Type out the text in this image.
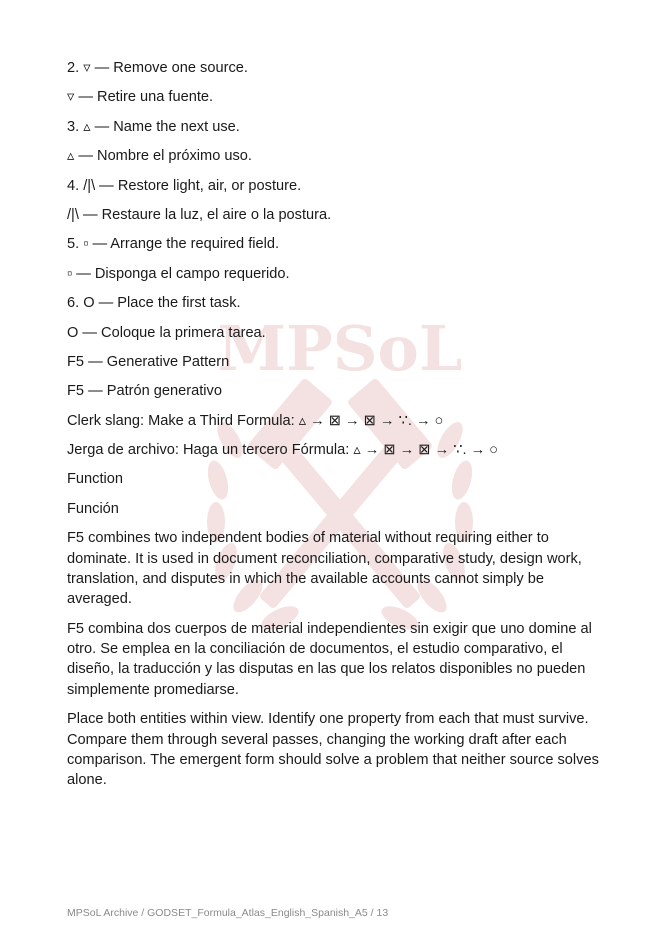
MPSoL
2. ▿ — Remove one source.
▿ — Retire una fuente.
3. ▵ — Name the next use.
▵ — Nombre el próximo uso.
4. /|\ — Restore light, air, or posture.
/|\ — Restaure la luz, el aire o la postura.
5. ▫ — Arrange the required field.
▫ — Disponga el campo requerido.
6. O — Place the first task.
O — Coloque la primera tarea.
F5 — Generative Pattern
F5 — Patrón generativo
Clerk slang: Make a Third Formula: ▵ → ⊠ → ⊠ → ∵. → ○
Jerga de archivo: Haga un tercero Fórmula: ▵ → ⊠ → ⊠ → ∵. → ○
Function
Función
F5 combines two independent bodies of material without requiring either to dominate. It is used in document reconciliation, comparative study, design work, translation, and disputes in which the available accounts cannot simply be averaged.
F5 combina dos cuerpos de material independientes sin exigir que uno domine al otro. Se emplea en la conciliación de documentos, el estudio comparativo, el diseño, la traducción y las disputas en las que los relatos disponibles no pueden simplemente promediarse.
Place both entities within view. Identify one property from each that must survive. Compare them through several passes, changing the working draft after each comparison. The emergent form should solve a problem that neither source solves alone.
MPSoL Archive / GODSET_Formula_Atlas_English_Spanish_A5 / 13
